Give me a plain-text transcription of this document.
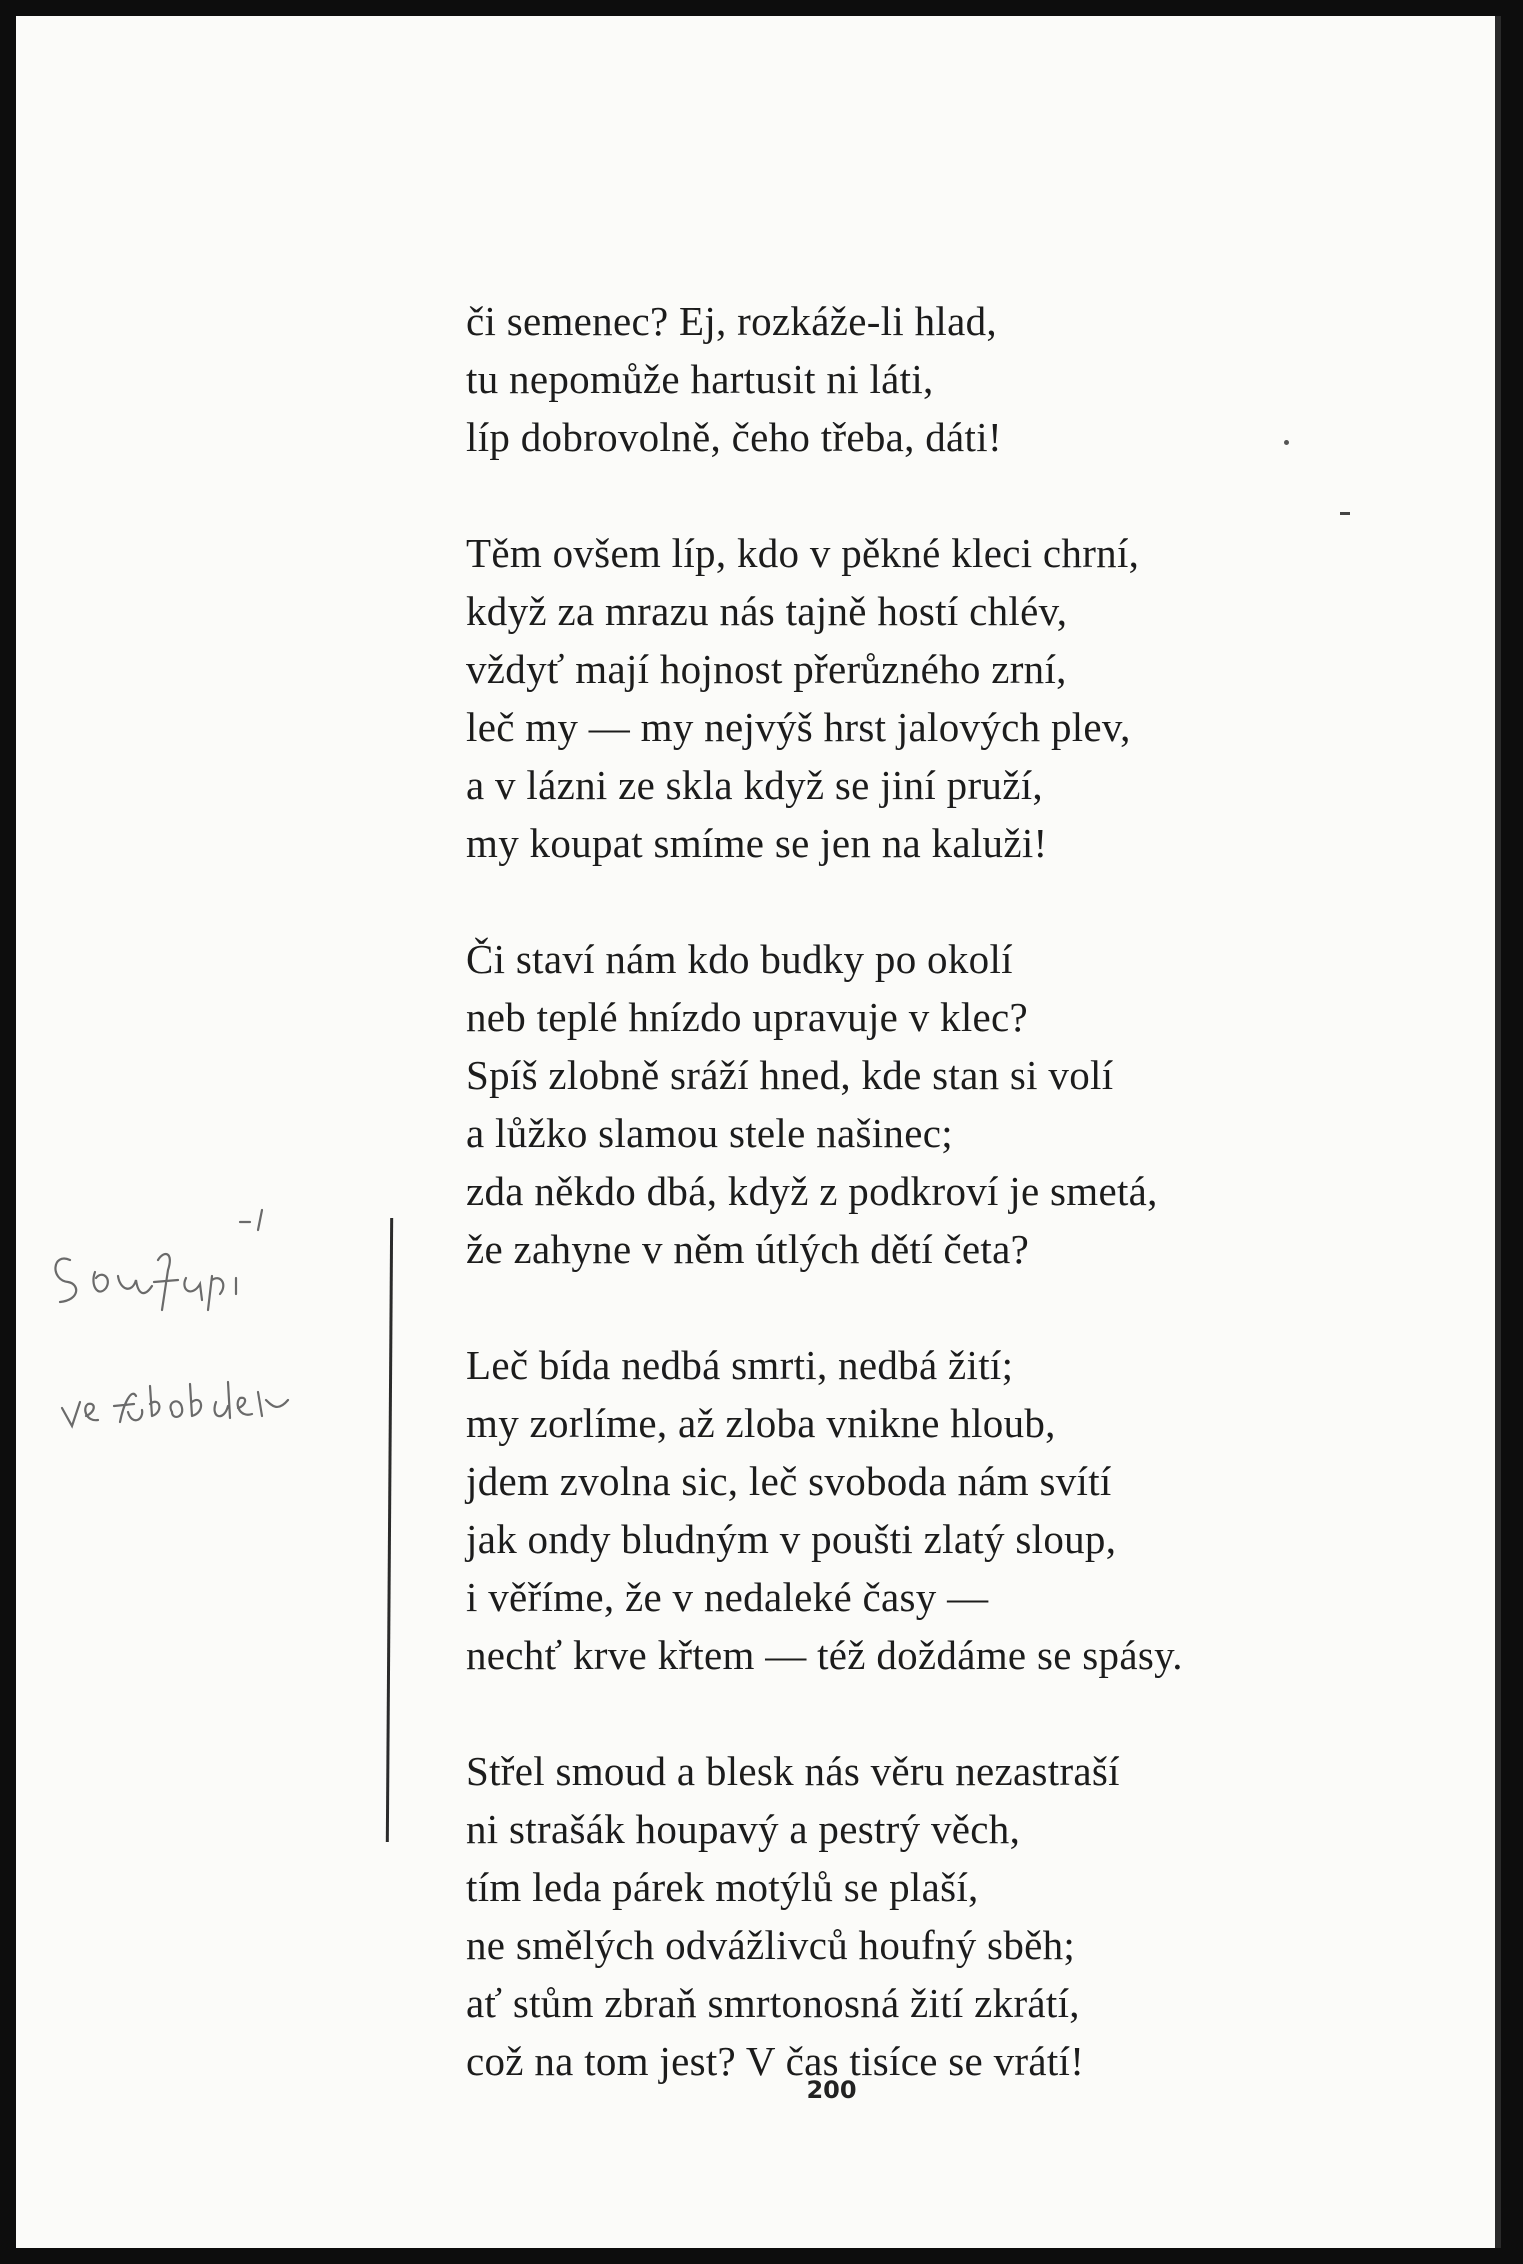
či semenec? Ej, rozkáže-li hlad,
tu nepomůže hartusit ni láti,
líp dobrovolně, čeho třeba, dáti!
Těm ovšem líp, kdo v pěkné kleci chrní,
když za mrazu nás tajně hostí chlév,
vždyť mají hojnost přerůzného zrní,
leč my — my nejvýš hrst jalových plev,
a v lázni ze skla když se jiní pruží,
my koupat smíme se jen na kaluži!
Či staví nám kdo budky po okolí
neb teplé hnízdo upravuje v klec?
Spíš zlobně sráží hned, kde stan si volí
a lůžko slamou stele našinec;
zda někdo dbá, když z podkroví je smetá,
že zahyne v něm útlých dětí četa?
Leč bída nedbá smrti, nedbá žití;
my zorlíme, až zloba vnikne hloub,
jdem zvolna sic, leč svoboda nám svítí
jak ondy bludným v poušti zlatý sloup,
i věříme, že v nedaleké časy —
nechť krve křtem — též doždáme se spásy.
Střel smoud a blesk nás věru nezastraší
ni strašák houpavý a pestrý věch,
tím leda párek motýlů se plaší,
ne smělých odvážlivců houfný sběh;
ať stům zbraň smrtonosná žití zkrátí,
což na tom jest? V čas tisíce se vrátí!
200
